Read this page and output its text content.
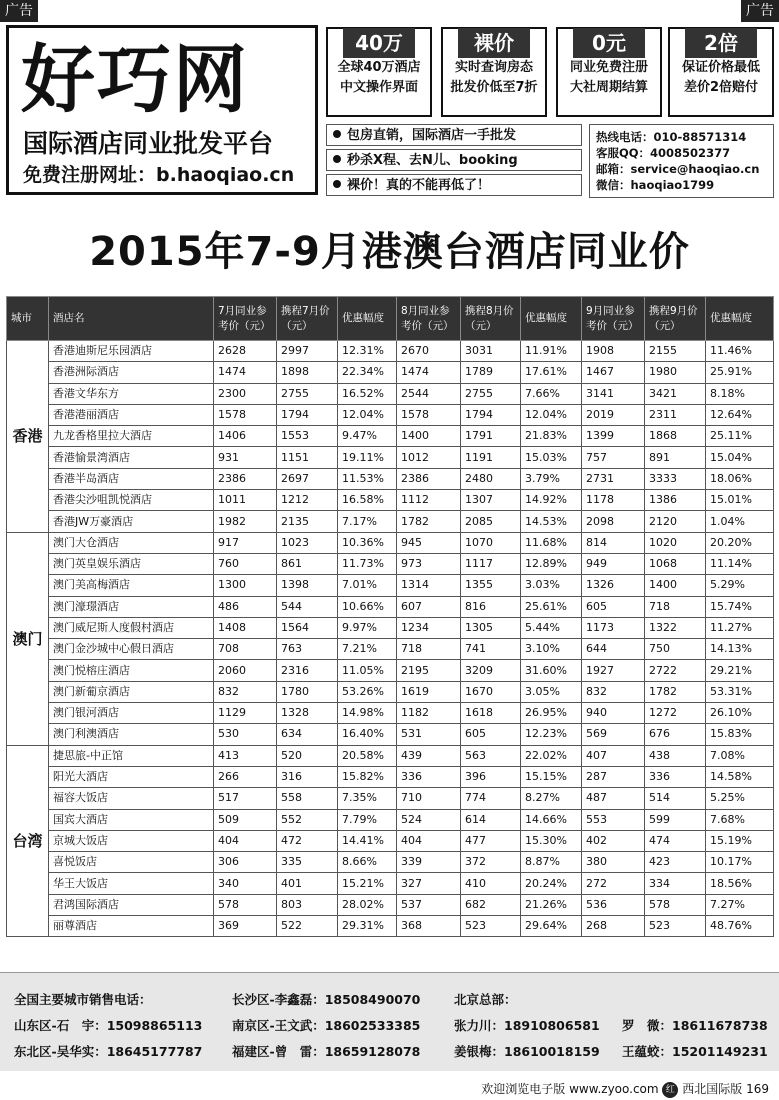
广告	广告
好巧网
国际酒店同业批发平台
免费注册网址：b.haoqiao.cn
40万
全球40万酒店
中文操作界面
裸价
实时查询房态
批发价低至7折
0元
同业免费注册
大社周期结算
2倍
保证价格最低
差价2倍赔付
包房直销，国际酒店一手批发
秒杀X程、去N儿、booking
裸价！真的不能再低了！
热线电话：010-88571314
客服QQ：4008502377
邮箱：service@haoqiao.cn
微信：haoqiao1799
2015年7-9月港澳台酒店同业价
城市	酒店名	7月同业参考价（元）	携程7月价（元）	优惠幅度	8月同业参考价（元）	携程8月价（元）	优惠幅度	9月同业参考价（元）	携程9月价（元）	优惠幅度
香港	香港迪斯尼乐园酒店	2628	2997	12.31%	2670	3031	11.91%	1908	2155	11.46%
	香港洲际酒店	1474	1898	22.34%	1474	1789	17.61%	1467	1980	25.91%
	香港文华东方	2300	2755	16.52%	2544	2755	7.66%	3141	3421	8.18%
	香港港丽酒店	1578	1794	12.04%	1578	1794	12.04%	2019	2311	12.64%
	九龙香格里拉大酒店	1406	1553	9.47%	1400	1791	21.83%	1399	1868	25.11%
	香港愉景湾酒店	931	1151	19.11%	1012	1191	15.03%	757	891	15.04%
	香港半岛酒店	2386	2697	11.53%	2386	2480	3.79%	2731	3333	18.06%
	香港尖沙咀凯悦酒店	1011	1212	16.58%	1112	1307	14.92%	1178	1386	15.01%
	香港JW万豪酒店	1982	2135	7.17%	1782	2085	14.53%	2098	2120	1.04%
澳门	澳门大仓酒店	917	1023	10.36%	945	1070	11.68%	814	1020	20.20%
	澳门英皇娱乐酒店	760	861	11.73%	973	1117	12.89%	949	1068	11.14%
	澳门美高梅酒店	1300	1398	7.01%	1314	1355	3.03%	1326	1400	5.29%
	澳门濠璟酒店	486	544	10.66%	607	816	25.61%	605	718	15.74%
	澳门威尼斯人度假村酒店	1408	1564	9.97%	1234	1305	5.44%	1173	1322	11.27%
	澳门金沙城中心假日酒店	708	763	7.21%	718	741	3.10%	644	750	14.13%
	澳门悦榕庄酒店	2060	2316	11.05%	2195	3209	31.60%	1927	2722	29.21%
	澳门新葡京酒店	832	1780	53.26%	1619	1670	3.05%	832	1782	53.31%
	澳门银河酒店	1129	1328	14.98%	1182	1618	26.95%	940	1272	26.10%
	澳门利澳酒店	530	634	16.40%	531	605	12.23%	569	676	15.83%
台湾	捷思旅-中正馆	413	520	20.58%	439	563	22.02%	407	438	7.08%
	阳光大酒店	266	316	15.82%	336	396	15.15%	287	336	14.58%
	福容大饭店	517	558	7.35%	710	774	8.27%	487	514	5.25%
	国宾大酒店	509	552	7.79%	524	614	14.66%	553	599	7.68%
	京城大饭店	404	472	14.41%	404	477	15.30%	402	474	15.19%
	喜悦饭店	306	335	8.66%	339	372	8.87%	380	423	10.17%
	华王大饭店	340	401	15.21%	327	410	20.24%	272	334	18.56%
	君鸿国际酒店	578	803	28.02%	537	682	21.26%	536	578	7.27%
	丽尊酒店	369	522	29.31%	368	523	29.64%	268	523	48.76%
全国主要城市销售电话：
山东区-石　宇：15098865113
东北区-吴华实：18645177787
长沙区-李鑫磊：18508490070
南京区-王文武：18602533385
福建区-曾　雷：18659128078
北京总部：
张力川：18910806581
姜银梅：18610018159

罗　微：18611678738
王蕴蛟：15201149231
欢迎浏览电子版 www.zyoo.com 红 西北国际版 169
